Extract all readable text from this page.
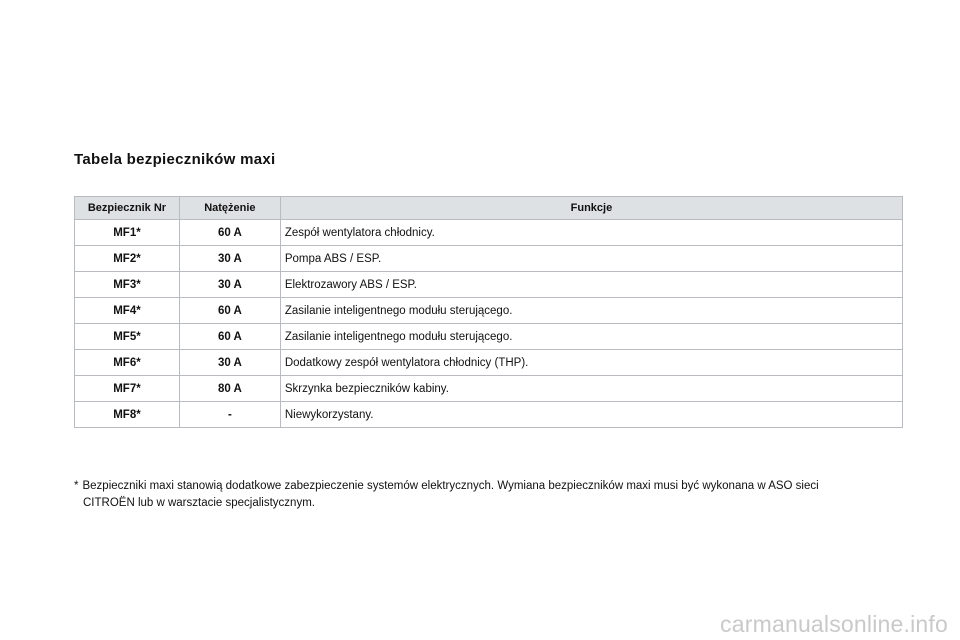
Tabela bezpieczników maxi
Bezpiecznik Nr	Natężenie	Funkcje
MF1*	60 A	Zespół wentylatora chłodnicy.
MF2*	30 A	Pompa ABS / ESP.
MF3*	30 A	Elektrozawory ABS / ESP.
MF4*	60 A	Zasilanie inteligentnego modułu sterującego.
MF5*	60 A	Zasilanie inteligentnego modułu sterującego.
MF6*	30 A	Dodatkowy zespół wentylatora chłodnicy (THP).
MF7*	80 A	Skrzynka bezpieczników kabiny.
MF8*	-	Niewykorzystany.

* Bezpieczniki maxi stanowią dodatkowe zabezpieczenie systemów elektrycznych. Wymiana bezpieczników maxi musi być wykonana w ASO sieci
CITROËN lub w warsztacie specjalistycznym.

carmanualsonline.info
